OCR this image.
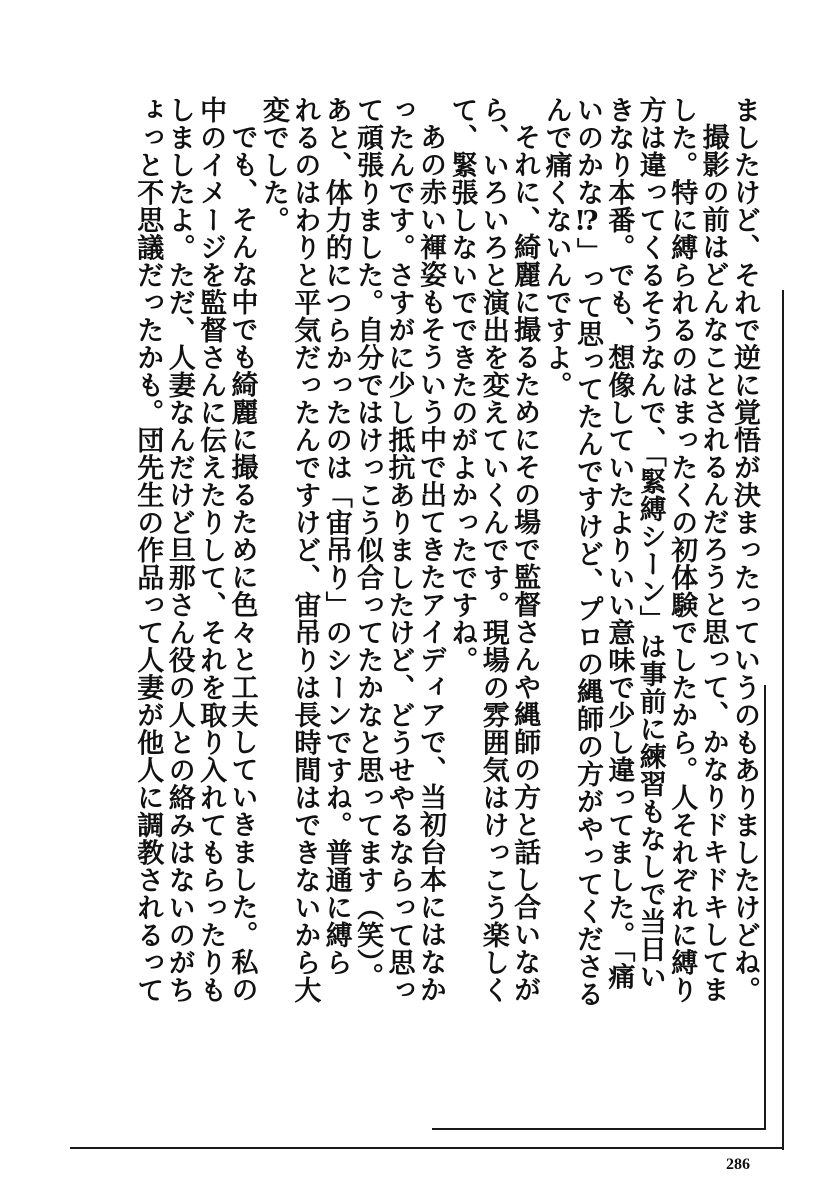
ましたけど、それで逆に覚悟が決まったっていうのもありましたけどね。
撮影の前はどんなことされるんだろうと思って、かなりドキドキしてま
した。特に縛られるのはまったくの初体験でしたから。人それぞれに縛り
方は違ってくるそうなんで、「緊縛シーン」は事前に練習もなしで当日い
きなり本番。でも、想像していたよりいい意味で少し違ってました。「痛
いのかな⁉」って思ってたんですけど、プロの縄師の方がやってくださる
んで痛くないんですよ。
それに、綺麗に撮るためにその場で監督さんや縄師の方と話し合いなが
ら、いろいろと演出を変えていくんです。現場の雰囲気はけっこう楽しく
て、緊張しないでできたのがよかったですね。
あの赤い褌姿もそういう中で出てきたアイディアで、当初台本にはなか
ったんです。さすがに少し抵抗ありましたけど、どうせやるならって思っ
て頑張りました。自分ではけっこう似合ってたかなと思ってます（笑）。
あと、体力的につらかったのは「宙吊り」のシーンですね。普通に縛ら
れるのはわりと平気だったんですけど、宙吊りは長時間はできないから大
変でした。
でも、そんな中でも綺麗に撮るために色々と工夫していきました。私の
中のイメージを監督さんに伝えたりして、それを取り入れてもらったりも
しましたよ。ただ、人妻なんだけど旦那さん役の人との絡みはないのがち
ょっと不思議だったかも。団先生の作品って人妻が他人に調教されるって
286
